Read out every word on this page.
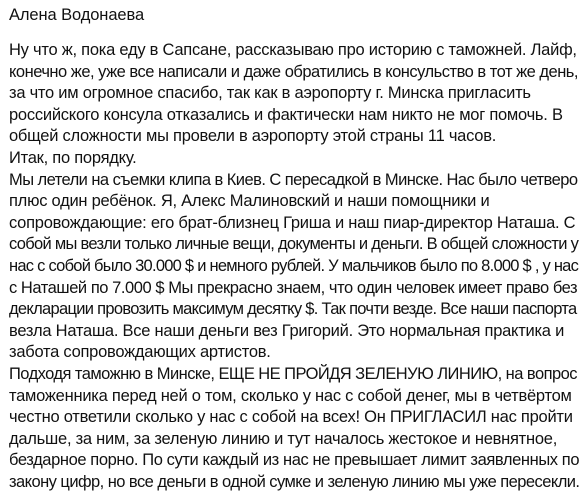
Алена Водонаева
Ну что ж, пока еду в Сапсане, рассказываю про историю с таможней. Лайф,
конечно же, уже все написали и даже обратились в консульство в тот же день,
за что им огромное спасибо, так как в аэропорту г. Минска пригласить
российского консула отказались и фактически нам никто не мог помочь. В
общей сложности мы провели в аэропорту этой страны 11 часов.
Итак, по порядку.
Мы летели на съемки клипа в Киев. С пересадкой в Минске. Нас было четверо
плюс один ребёнок. Я, Алекс Малиновский и наши помощники и
сопровождающие: его брат-близнец Гриша и наш пиар-директор Наташа. С
собой мы везли только личные вещи, документы и деньги. В общей сложности у
нас с собой было 30.000 $ и немного рублей. У мальчиков было по 8.000 $ , у нас
с Наташей по 7.000 $ Мы прекрасно знаем, что один человек имеет право без
декларации провозить максимум десятку $. Так почти везде. Все наши паспорта
везла Наташа. Все наши деньги вез Григорий. Это нормальная практика и
забота сопровождающих артистов.
Подходя таможню в Минске, ЕЩЕ НЕ ПРОЙДЯ ЗЕЛЕНУЮ ЛИНИЮ, на вопрос
таможенника перед ней о том, сколько у нас с собой денег, мы в четвёртом
честно ответили сколько у нас с собой на всех! Он ПРИГЛАСИЛ нас пройти
дальше, за ним, за зеленую линию и тут началось жестокое и невнятное,
бездарное порно. По сути каждый из нас не превышает лимит заявленных по
закону цифр, но все деньги в одной сумке и зеленую линию мы уже пересекли.
